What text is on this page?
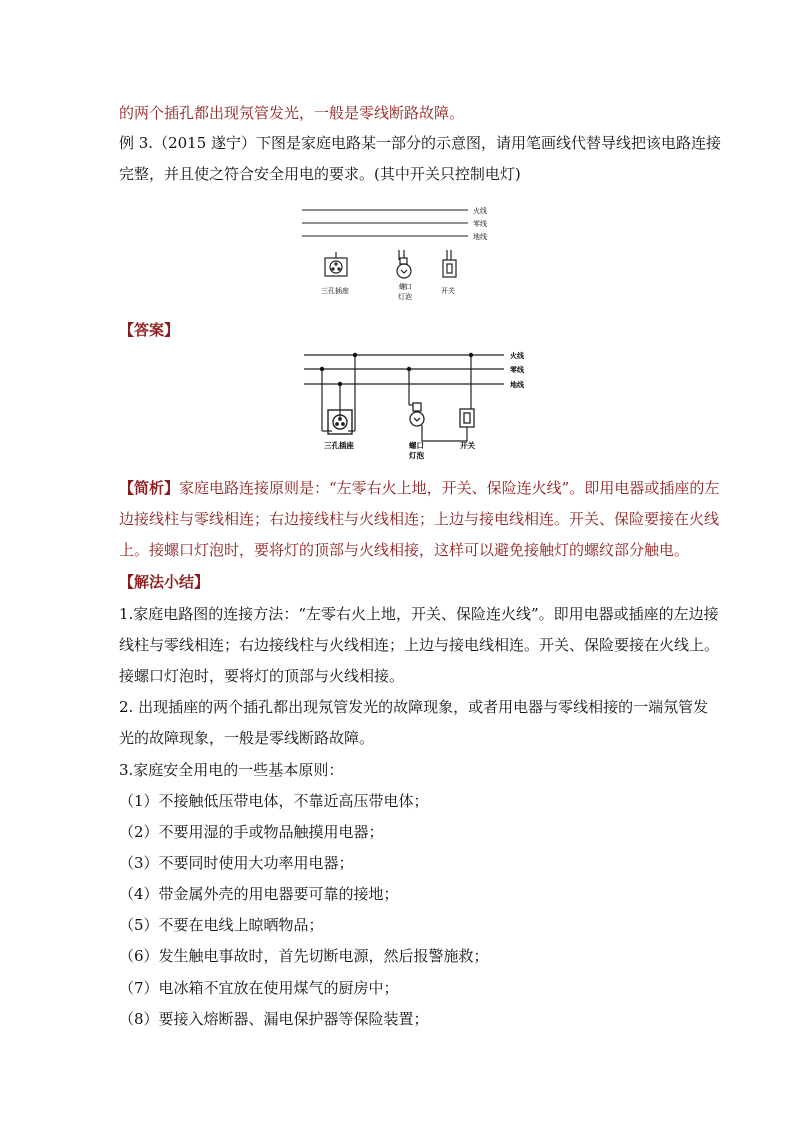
的两个插孔都出现氖管发光，一般是零线断路故障。
例 3.（2015 遂宁）下图是家庭电路某一部分的示意图，请用笔画线代替导线把该电路连接
完整，并且使之符合安全用电的要求。(其中开关只控制电灯)
火线
零线
地线
三孔插座	螺 口
灯泡
开关
【答案】
火线
零线
地线
三孔插座	螺口
灯泡
开关
【简析】家庭电路连接原则是：“左零右火上地，开关、保险连火线”。即用电器或插座的左
边接线柱与零线相连；右边接线柱与火线相连；上边与接电线相连。开关、保险要接在火线
上。接螺口灯泡时，要将灯的顶部与火线相接，这样可以避免接触灯的螺纹部分触电。
【解法小结】
1.家庭电路图的连接方法：“左零右火上地，开关、保险连火线”。即用电器或插座的左边接
线柱与零线相连；右边接线柱与火线相连；上边与接电线相连。开关、保险要接在火线上。
接螺口灯泡时，要将灯的顶部与火线相接。
2. 出现插座的两个插孔都出现氖管发光的故障现象，或者用电器与零线相接的一端氖管发
光的故障现象，一般是零线断路故障。
3.家庭安全用电的一些基本原则：
（1）不接触低压带电体，不靠近高压带电体；
（2）不要用湿的手或物品触摸用电器；
（3）不要同时使用大功率用电器；
（4）带金属外壳的用电器要可靠的接地；
（5）不要在电线上晾晒物品；
（6）发生触电事故时，首先切断电源，然后报警施救；
（7）电冰箱不宜放在使用煤气的厨房中；
（8）要接入熔断器、漏电保护器等保险装置；
